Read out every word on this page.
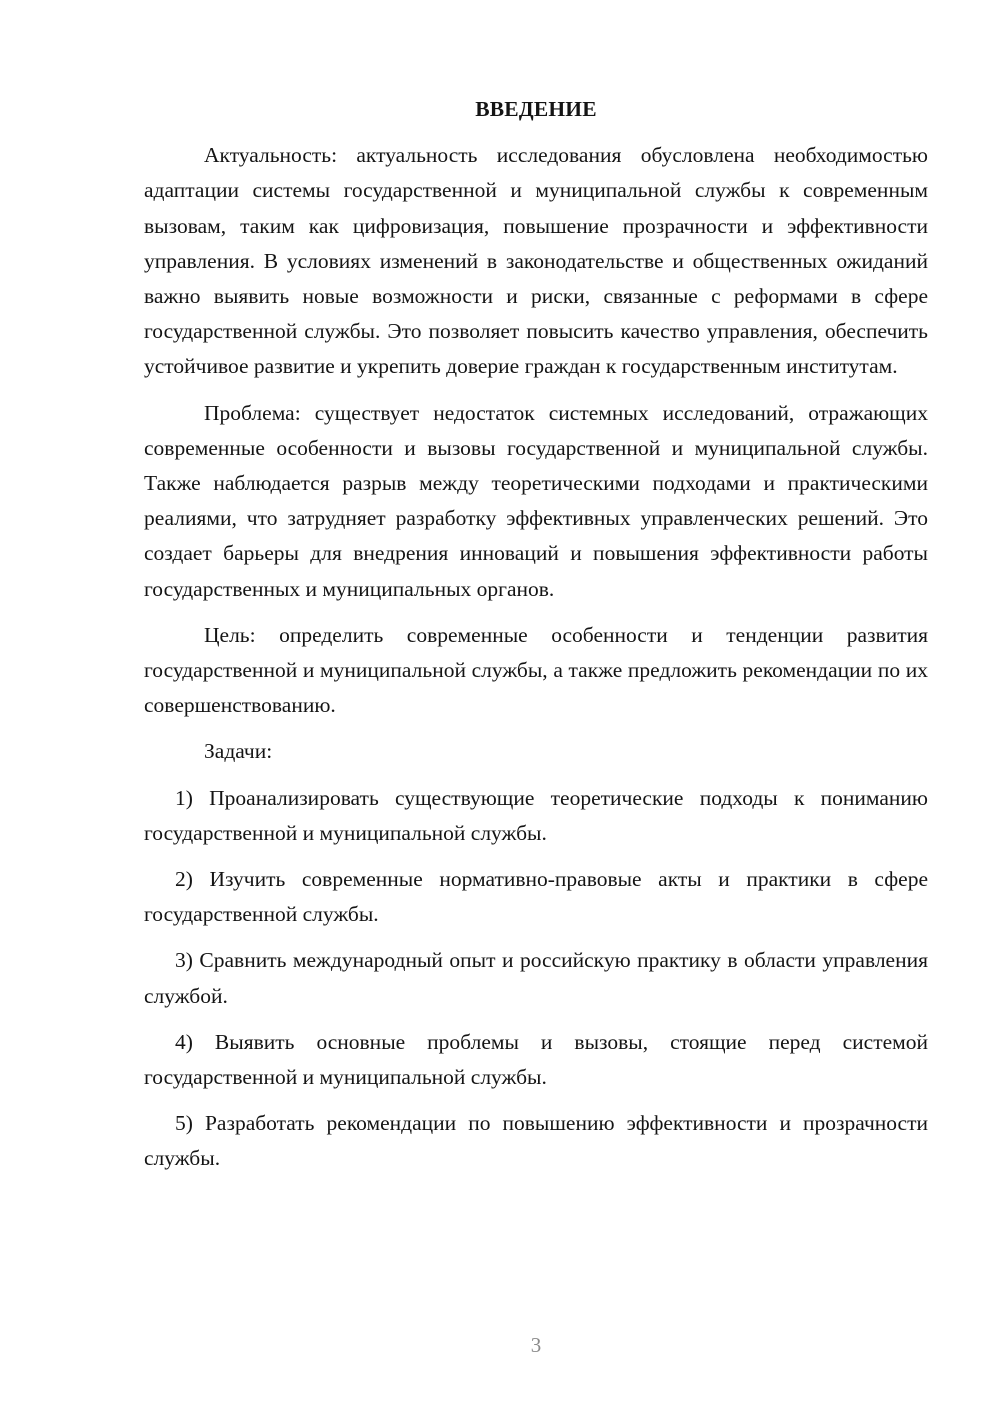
ВВЕДЕНИЕ

Актуальность: актуальность исследования обусловлена необходимостью адаптации системы государственной и муниципальной службы к современным вызовам, таким как цифровизация, повышение прозрачности и эффективности управления. В условиях изменений в законодательстве и общественных ожиданий важно выявить новые возможности и риски, связанные с реформами в сфере государственной службы. Это позволяет повысить качество управления, обеспечить устойчивое развитие и укрепить доверие граждан к государственным институтам.

Проблема: существует недостаток системных исследований, отражающих современные особенности и вызовы государственной и муниципальной службы. Также наблюдается разрыв между теоретическими подходами и практическими реалиями, что затрудняет разработку эффективных управленческих решений. Это создает барьеры для внедрения инноваций и повышения эффективности работы государственных и муниципальных органов.

Цель: определить современные особенности и тенденции развития государственной и муниципальной службы, а также предложить рекомендации по их совершенствованию.

Задачи:

1) Проанализировать существующие теоретические подходы к пониманию государственной и муниципальной службы.

2) Изучить современные нормативно-правовые акты и практики в сфере государственной службы.

3) Сравнить международный опыт и российскую практику в области управления службой.

4) Выявить основные проблемы и вызовы, стоящие перед системой государственной и муниципальной службы.

5) Разработать рекомендации по повышению эффективности и прозрачности службы.

3
